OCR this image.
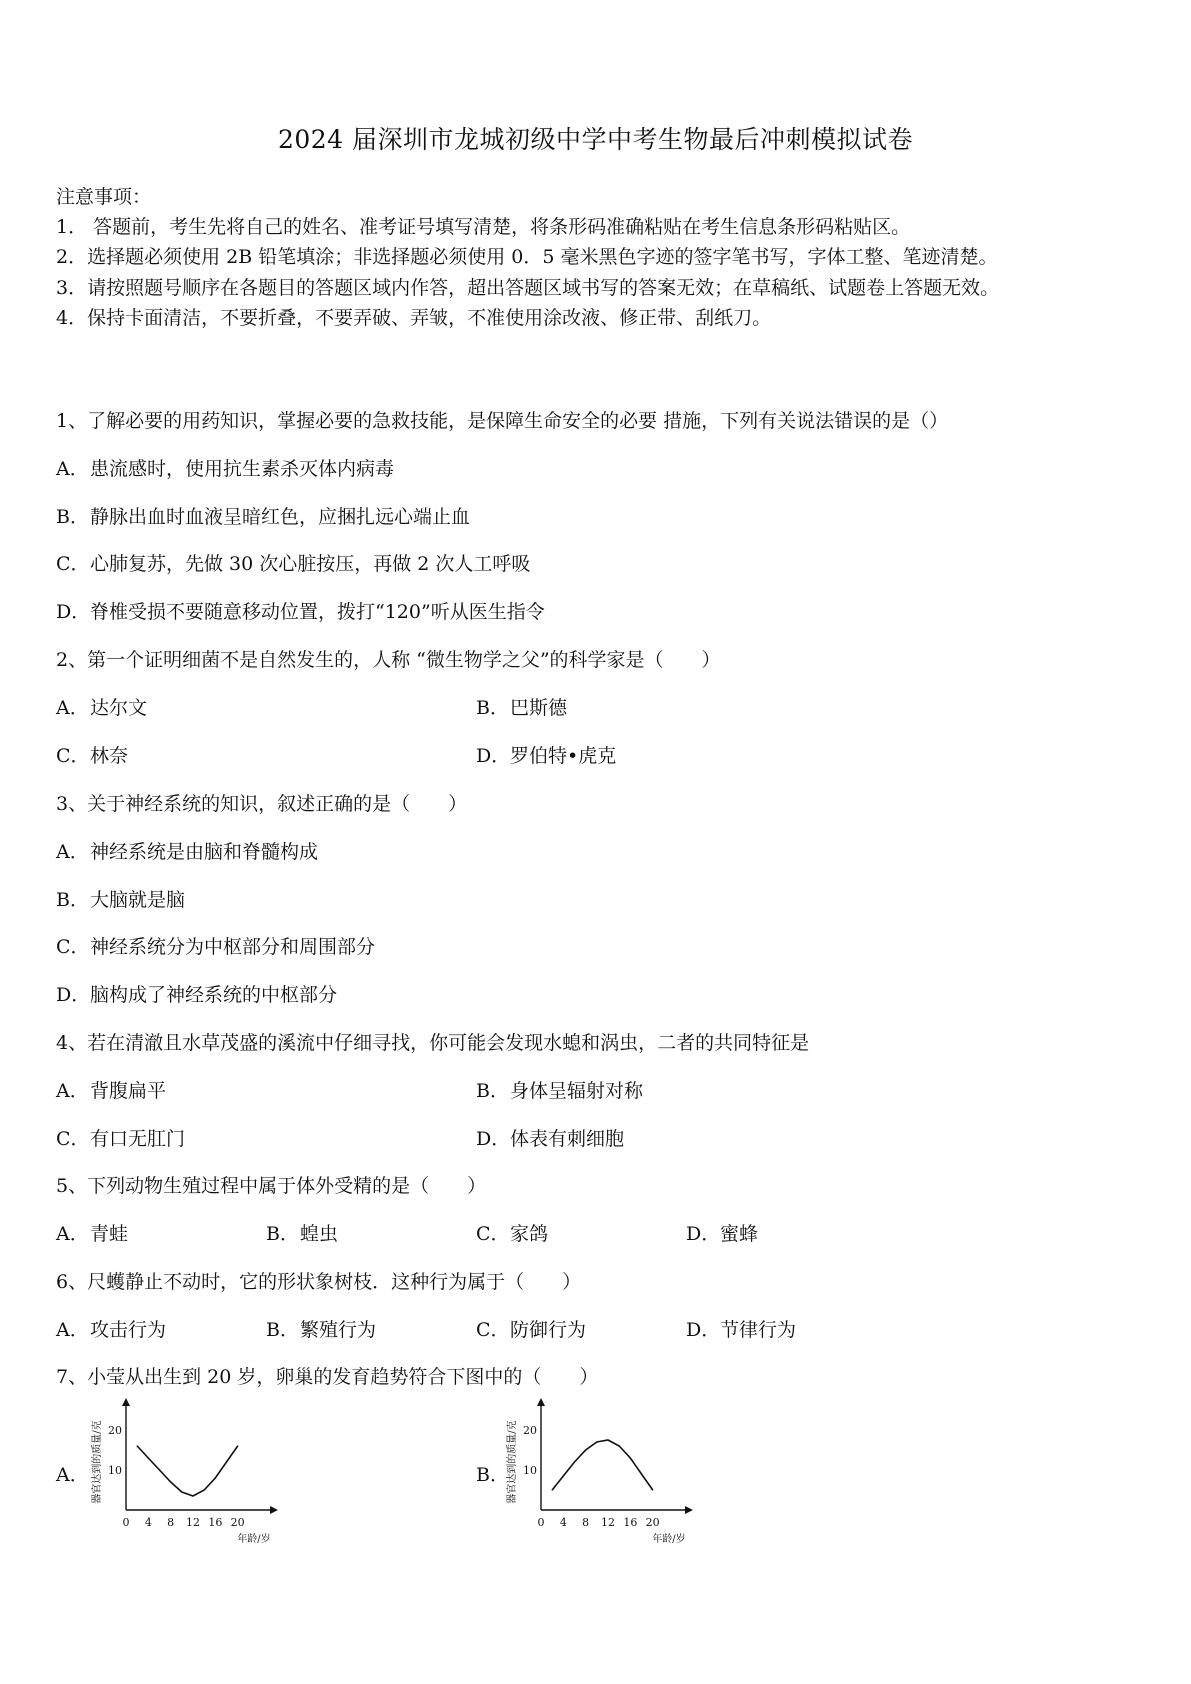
2024 届深圳市龙城初级中学中考生物最后冲刺模拟试卷
注意事项：
1． 答题前，考生先将自己的姓名、准考证号填写清楚，将条形码准确粘贴在考生信息条形码粘贴区。
2．选择题必须使用 2B 铅笔填涂；非选择题必须使用 0．5 毫米黑色字迹的签字笔书写，字体工整、笔迹清楚。
3．请按照题号顺序在各题目的答题区域内作答，超出答题区域书写的答案无效；在草稿纸、试题卷上答题无效。
4．保持卡面清洁，不要折叠，不要弄破、弄皱，不准使用涂改液、修正带、刮纸刀。
1、了解必要的用药知识，掌握必要的急救技能，是保障生命安全的必要 措施，下列有关说法错误的是（）
A．患流感时，使用抗生素杀灭体内病毒
B．静脉出血时血液呈暗红色，应捆扎远心端止血
C．心肺复苏，先做 30 次心脏按压，再做 2 次人工呼吸
D．脊椎受损不要随意移动位置，拨打“120”听从医生指令
2、第一个证明细菌不是自然发生的，人称 “微生物学之父”的科学家是（　　）
A．达尔文	B．巴斯德
C．林奈	D．罗伯特•虎克
3、关于神经系统的知识，叙述正确的是（　　）
A．神经系统是由脑和脊髓构成
B．大脑就是脑
C．神经系统分为中枢部分和周围部分
D．脑构成了神经系统的中枢部分
4、若在清澈且水草茂盛的溪流中仔细寻找，你可能会发现水螅和涡虫，二者的共同特征是
A．背腹扁平	B．身体呈辐射对称
C．有口无肛门	D．体表有刺细胞
5、下列动物生殖过程中属于体外受精的是（　　）
A．青蛙	B．蝗虫	C．家鸽	D．蜜蜂
6、尺蠖静止不动时，它的形状象树枝．这种行为属于（　　）
A．攻击行为	B．繁殖行为	C．防御行为	D．节律行为
7、小莹从出生到 20 岁，卵巢的发育趋势符合下图中的（　　）
A．	B．
0 4 8 12 16 20
10
20
年龄/岁
器官达到的质量/克
0 4 8 12 16 20
10
20
年龄/岁
器官达到的质量/克
